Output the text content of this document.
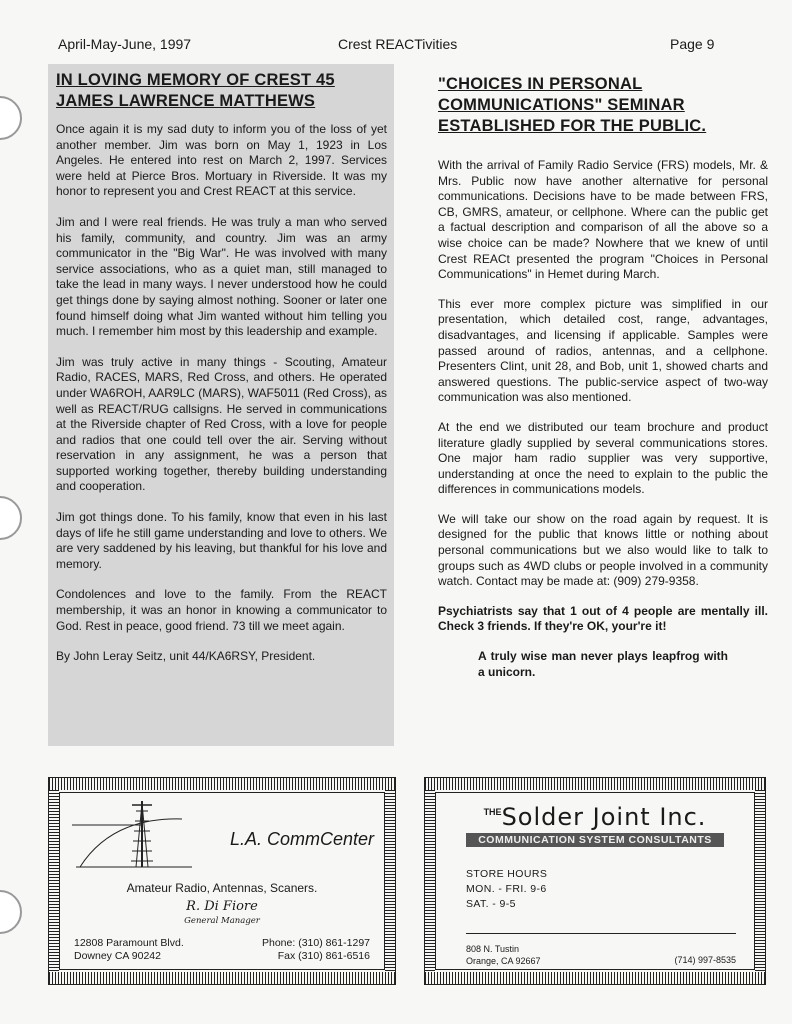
April-May-June, 1997	Crest REACTivities	Page 9
IN LOVING MEMORY OF CREST 45
JAMES LAWRENCE MATTHEWS

Once again it is my sad duty to inform you of the loss of yet another member. Jim was born on May 1, 1923 in Los Angeles. He entered into rest on March 2, 1997. Services were held at Pierce Bros. Mortuary in Riverside. It was my honor to represent you and Crest REACT at this service.

Jim and I were real friends. He was truly a man who served his family, community, and country. Jim was an army communicator in the "Big War". He was involved with many service associations, who as a quiet man, still managed to take the lead in many ways. I never understood how he could get things done by saying almost nothing. Sooner or later one found himself doing what Jim wanted without him telling you much. I remember him most by this leadership and example.

Jim was truly active in many things - Scouting, Amateur Radio, RACES, MARS, Red Cross, and others. He operated under WA6ROH, AAR9LC (MARS), WAF5011 (Red Cross), as well as REACT/RUG callsigns. He served in communications at the Riverside chapter of Red Cross, with a love for people and radios that one could tell over the air. Serving without reservation in any assignment, he was a person that supported working together, thereby building understanding and cooperation.

Jim got things done. To his family, know that even in his last days of life he still game understanding and love to others. We are very saddened by his leaving, but thankful for his love and memory.

Condolences and love to the family. From the REACT membership, it was an honor in knowing a communicator to God. Rest in peace, good friend. 73 till we meet again.

By John Leray Seitz, unit 44/KA6RSY, President.

"CHOICES IN PERSONAL
COMMUNICATIONS" SEMINAR
ESTABLISHED FOR THE PUBLIC.

With the arrival of Family Radio Service (FRS) models, Mr. & Mrs. Public now have another alternative for personal communications. Decisions have to be made between FRS, CB, GMRS, amateur, or cellphone. Where can the public get a factual description and comparison of all the above so a wise choice can be made? Nowhere that we knew of until Crest REACt presented the program "Choices in Personal Communications" in Hemet during March.

This ever more complex picture was simplified in our presentation, which detailed cost, range, advantages, disadvantages, and licensing if applicable. Samples were passed around of radios, antennas, and a cellphone. Presenters Clint, unit 28, and Bob, unit 1, showed charts and answered questions. The public-service aspect of two-way communication was also mentioned.

At the end we distributed our team brochure and product literature gladly supplied by several communications stores. One major ham radio supplier was very supportive, understanding at once the need to explain to the public the differences in communications models.

We will take our show on the road again by request. It is designed for the public that knows little or nothing about personal communications but we also would like to talk to groups such as 4WD clubs or people involved in a community watch. Contact may be made at: (909) 279-9358.

Psychiatrists say that 1 out of 4 people are mentally ill. Check 3 friends. If they're OK, your're it!

A truly wise man never plays leapfrog with a unicorn.

L.A. CommCenter
Amateur Radio, Antennas, Scaners.
R. Di Fiore
General Manager
12808 Paramount Blvd.
Downey CA 90242
Phone: (310) 861-1297
Fax (310) 861-6516
$^{THE}$Solder Joint Inc.
COMMUNICATION SYSTEM CONSULTANTS
STORE HOURS
MON. - FRI. 9-6
SAT. - 9-5
808 N. Tustin
Orange, CA 92667	(714) 997-8535
